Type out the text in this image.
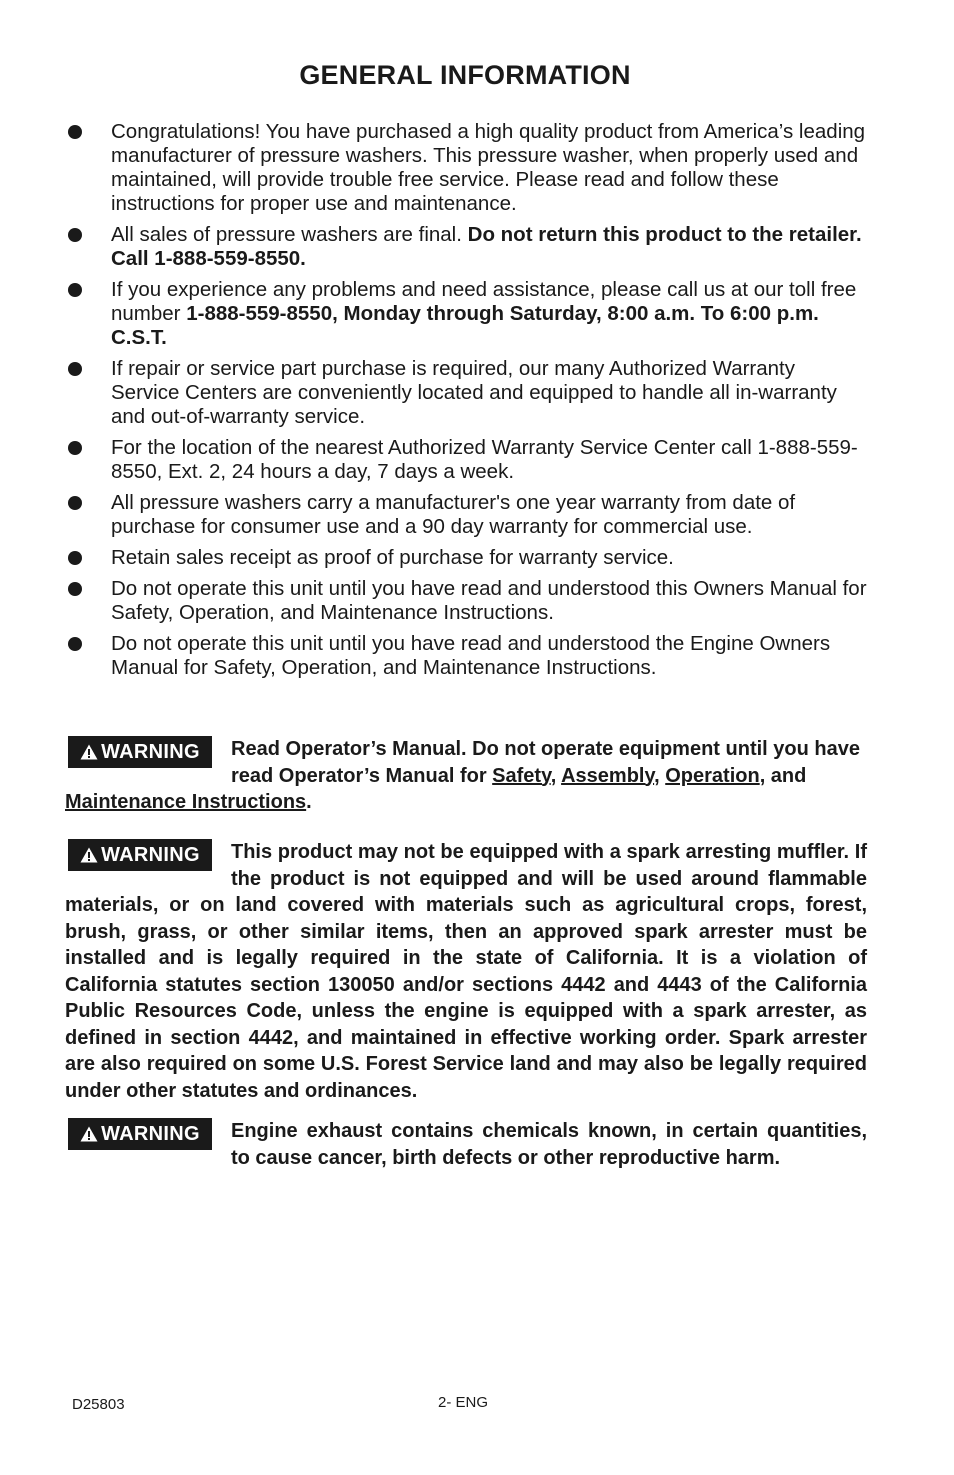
GENERAL INFORMATION
Congratulations! You have purchased a high quality product from America’s leading manufacturer of pressure washers. This pressure washer, when properly used and maintained, will provide trouble free service. Please read and follow these instructions for proper use and maintenance.
All sales of pressure washers are final. Do not return this product to the retailer. Call 1-888-559-8550.
If you experience any problems and need assistance, please call us at our toll free number 1-888-559-8550, Monday through Saturday, 8:00 a.m. To 6:00 p.m. C.S.T.
If repair or service part purchase is required, our many Authorized Warranty Service Centers are conveniently located and equipped to handle all in-warranty and out-of-warranty service.
For the location of the nearest Authorized Warranty Service Center call 1-888-559-8550, Ext. 2, 24 hours a day, 7 days a week.
All pressure washers carry a manufacturer's one year warranty from date of purchase for consumer use and a 90 day warranty for commercial use.
Retain sales receipt as proof of purchase for warranty service.
Do not operate this unit until you have read and understood this Owners Manual for Safety, Operation, and Maintenance Instructions.
Do not operate this unit until you have read and understood the Engine Owners Manual for Safety, Operation, and Maintenance Instructions.
WARNING Read Operator’s Manual. Do not operate equipment until you have read Operator’s Manual for Safety, Assembly, Operation, and Maintenance Instructions.
WARNING This product may not be equipped with a spark arresting muffler. If the product is not equipped and will be used around flammable materials, or on land covered with materials such as agricultural crops, forest, brush, grass, or other similar items, then an approved spark arrester must be installed and is legally required in the state of California. It is a violation of California statutes section 130050 and/or sections 4442 and 4443 of the California Public Resources Code, unless the engine is equipped with a spark arrester, as defined in section 4442, and maintained in effective working order. Spark arrester are also required on some U.S. Forest Service land and may also be legally required under other statutes and ordinances.
WARNING Engine exhaust contains chemicals known, in certain quantities, to cause cancer, birth defects or other reproductive harm.
D25803	2- ENG
